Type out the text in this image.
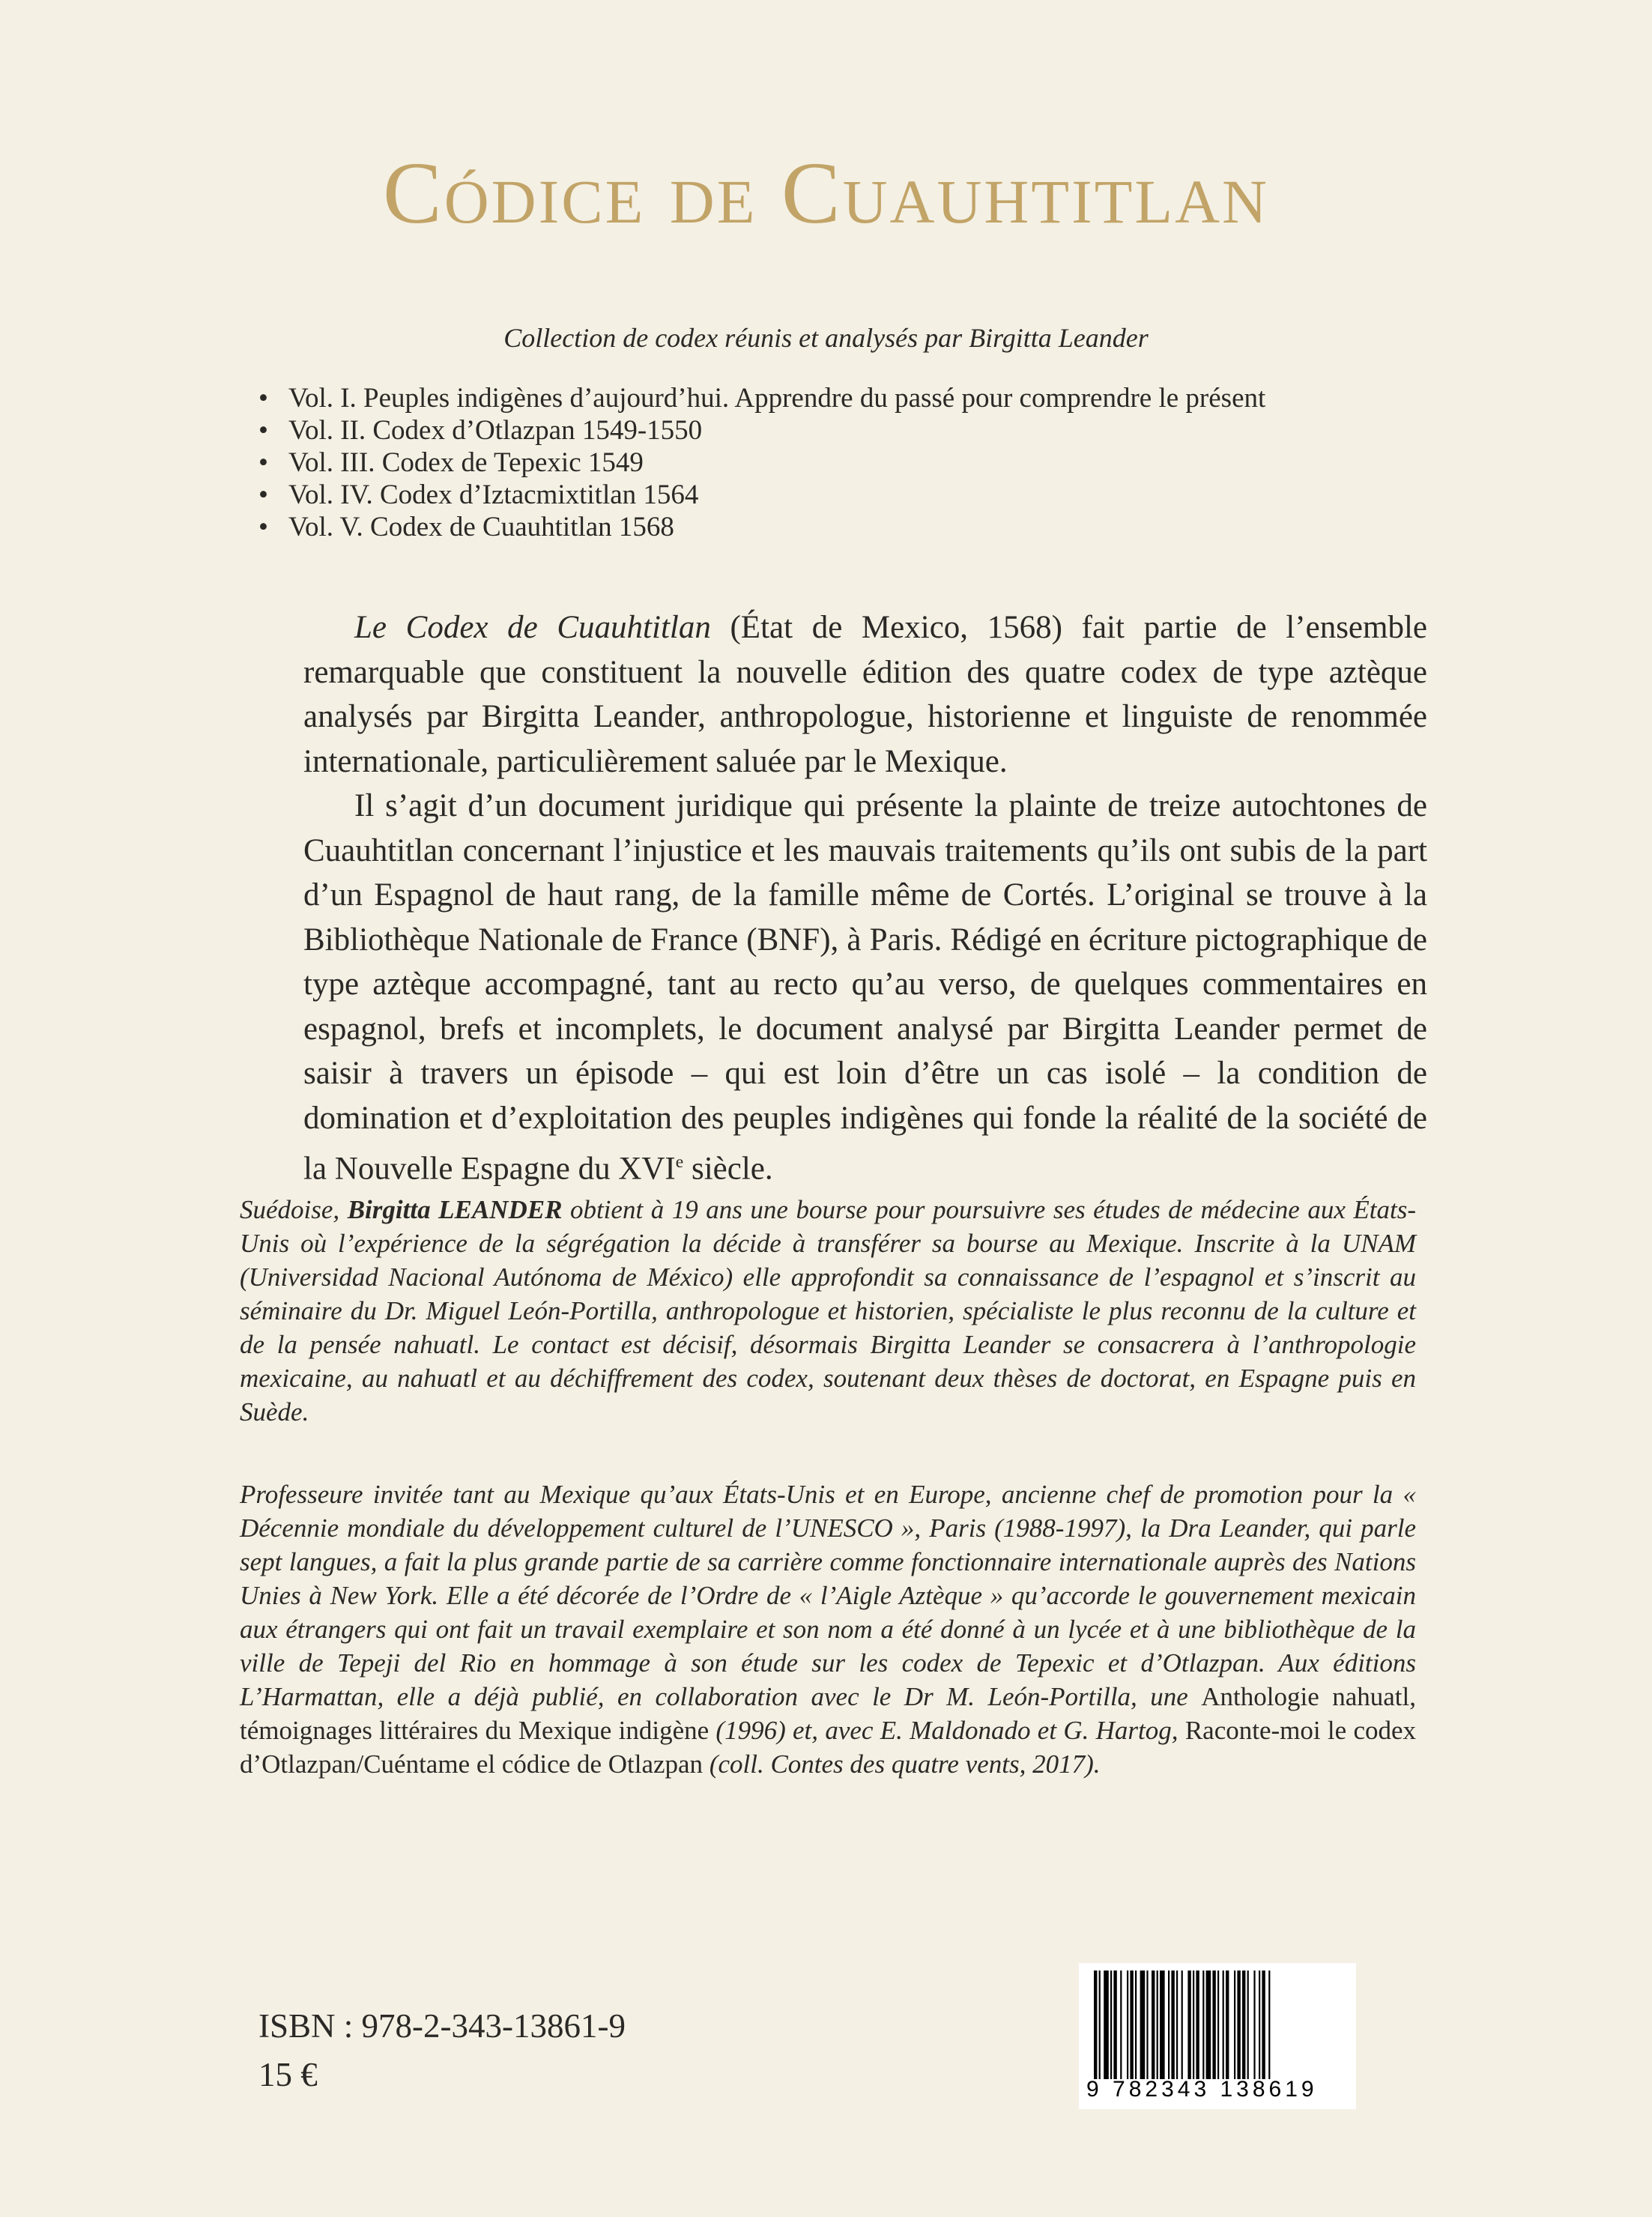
Códice de Cuauhtitlan

Collection de codex réunis et analysés par Birgitta Leander

• Vol. I. Peuples indigènes d’aujourd’hui. Apprendre du passé pour comprendre le présent
• Vol. II. Codex d’Otlazpan 1549-1550
• Vol. III. Codex de Tepexic 1549
• Vol. IV. Codex d’Iztacmixtitlan 1564
• Vol. V. Codex de Cuauhtitlan 1568

Le Codex de Cuauhtitlan (État de Mexico, 1568) fait partie de l’ensemble remarquable que constituent la nouvelle édition des quatre codex de type aztèque analysés par Birgitta Leander, anthropologue, historienne et linguiste de renommée internationale, particulièrement saluée par le Mexique.

Il s’agit d’un document juridique qui présente la plainte de treize autochtones de Cuauhtitlan concernant l’injustice et les mauvais traitements qu’ils ont subis de la part d’un Espagnol de haut rang, de la famille même de Cortés. L’original se trouve à la Bibliothèque Nationale de France (BNF), à Paris. Rédigé en écriture pictographique de type aztèque accompagné, tant au recto qu’au verso, de quelques commentaires en espagnol, brefs et incomplets, le document analysé par Birgitta Leander permet de saisir à travers un épisode – qui est loin d’être un cas isolé – la condition de domination et d’exploitation des peuples indigènes qui fonde la réalité de la société de la Nouvelle Espagne du XVIe siècle.

Suédoise, Birgitta LEANDER obtient à 19 ans une bourse pour poursuivre ses études de médecine aux États-Unis où l’expérience de la ségrégation la décide à transférer sa bourse au Mexique. Inscrite à la UNAM (Universidad Nacional Autónoma de México) elle approfondit sa connaissance de l’espagnol et s’inscrit au séminaire du Dr. Miguel León-Portilla, anthropologue et historien, spécialiste le plus reconnu de la culture et de la pensée nahuatl. Le contact est décisif, désormais Birgitta Leander se consacrera à l’anthropologie mexicaine, au nahuatl et au déchiffrement des codex, soutenant deux thèses de doctorat, en Espagne puis en Suède.

Professeure invitée tant au Mexique qu’aux États-Unis et en Europe, ancienne chef de promotion pour la « Décennie mondiale du développement culturel de l’UNESCO », Paris (1988-1997), la Dra Leander, qui parle sept langues, a fait la plus grande partie de sa carrière comme fonctionnaire internationale auprès des Nations Unies à New York. Elle a été décorée de l’Ordre de « l’Aigle Aztèque » qu’accorde le gouvernement mexicain aux étrangers qui ont fait un travail exemplaire et son nom a été donné à un lycée et à une bibliothèque de la ville de Tepeji del Rio en hommage à son étude sur les codex de Tepexic et d’Otlazpan. Aux éditions L’Harmattan, elle a déjà publié, en collaboration avec le Dr M. León-Portilla, une Anthologie nahuatl, témoignages littéraires du Mexique indigène (1996) et, avec E. Maldonado et G. Hartog, Raconte-moi le codex d’Otlazpan/Cuéntame el códice de Otlazpan (coll. Contes des quatre vents, 2017).

ISBN : 978-2-343-13861-9

15 €	9 782343 138619
